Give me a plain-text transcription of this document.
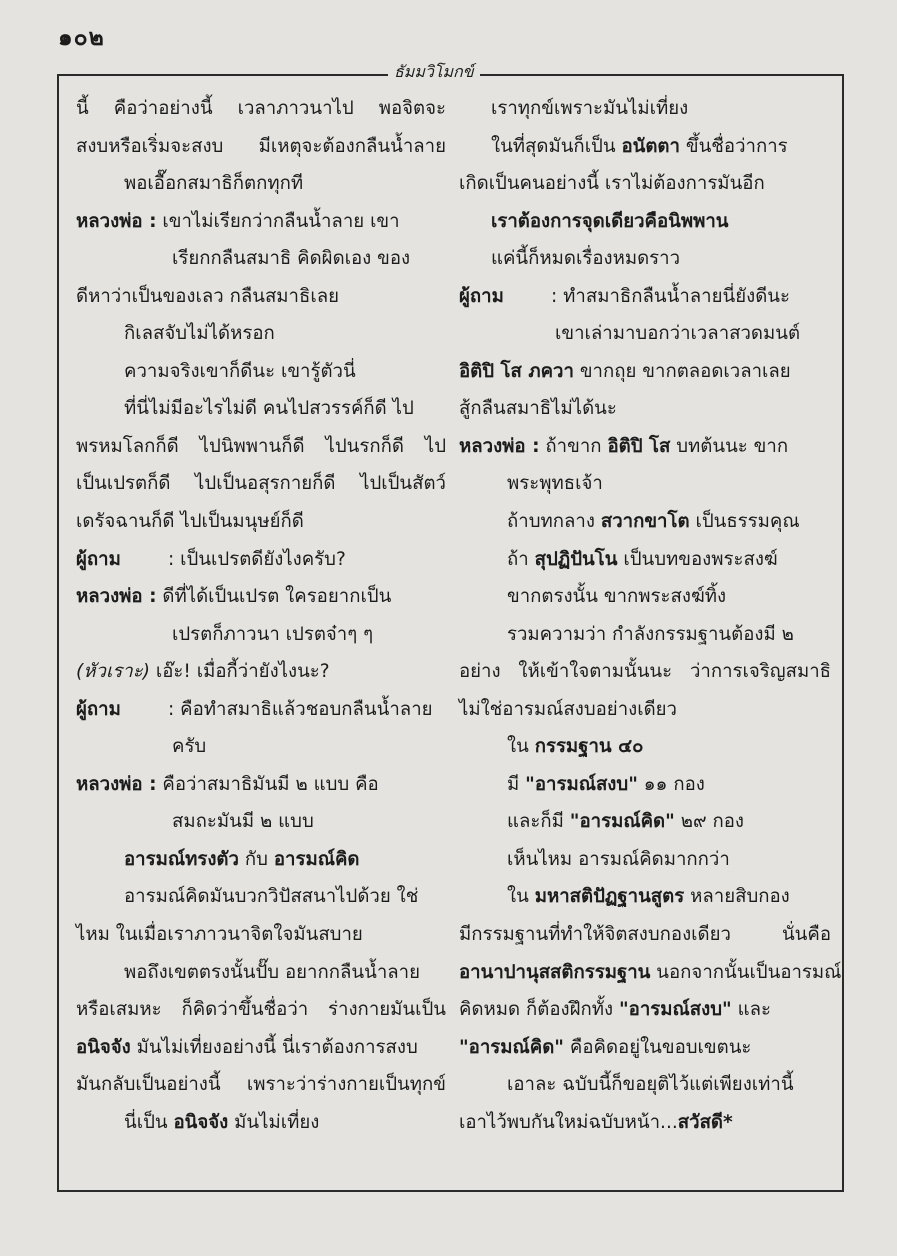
๑๐๒
ธัมมวิโมกข์
นี้ คือว่าอย่างนี้ เวลาภาวนาไป พอจิตจะ
สงบหรือเริ่มจะสงบ มีเหตุจะต้องกลืนน้ำลาย
พอเอื๊อกสมาธิก็ตกทุกที
หลวงพ่อ : เขาไม่เรียกว่ากลืนน้ำลาย เขา
เรียกกลืนสมาธิ คิดผิดเอง ของ
ดีหาว่าเป็นของเลว กลืนสมาธิเลย
กิเลสจับไม่ได้หรอก
ความจริงเขาก็ดีนะ เขารู้ตัวนี่
ที่นี่ไม่มีอะไรไม่ดี คนไปสวรรค์ก็ดี ไป
พรหมโลกก็ดี ไปนิพพานก็ดี ไปนรกก็ดี ไป
เป็นเปรตก็ดี ไปเป็นอสุรกายก็ดี ไปเป็นสัตว์
เดรัจฉานก็ดี ไปเป็นมนุษย์ก็ดี
ผู้ถาม	: เป็นเปรตดียังไงครับ?
หลวงพ่อ : ดีที่ได้เป็นเปรต ใครอยากเป็น
เปรตก็ภาวนา เปรตจ๋าๆ ๆ
(หัวเราะ) เอ๊ะ! เมื่อกี้ว่ายังไงนะ?
ผู้ถาม	: คือทำสมาธิแล้วชอบกลืนน้ำลาย
ครับ
หลวงพ่อ : คือว่าสมาธิมันมี ๒ แบบ คือ
สมถะมันมี ๒ แบบ
อารมณ์ทรงตัว กับ อารมณ์คิด
อารมณ์คิดมันบวกวิปัสสนาไปด้วย ใช่
ไหม ในเมื่อเราภาวนาจิตใจมันสบาย
พอถึงเขตตรงนั้นปั๊บ อยากกลืนน้ำลาย
หรือเสมหะ ก็คิดว่าขึ้นชื่อว่า ร่างกายมันเป็น
อนิจจัง มันไม่เที่ยงอย่างนี้ นี่เราต้องการสงบ
มันกลับเป็นอย่างนี้ เพราะว่าร่างกายเป็นทุกข์
นี่เป็น อนิจจัง มันไม่เที่ยง
เราทุกข์เพราะมันไม่เที่ยง
ในที่สุดมันก็เป็น อนัตตา ขึ้นชื่อว่าการ
เกิดเป็นคนอย่างนี้ เราไม่ต้องการมันอีก
เราต้องการจุดเดียวคือนิพพาน
แค่นี้ก็หมดเรื่องหมดราว
ผู้ถาม	: ทำสมาธิกลืนน้ำลายนี่ยังดีนะ
เขาเล่ามาบอกว่าเวลาสวดมนต์
อิติปิ โส ภควา ขากถุย ขากตลอดเวลาเลย
สู้กลืนสมาธิไม่ได้นะ
หลวงพ่อ : ถ้าขาก อิติปิ โส บทต้นนะ ขาก
พระพุทธเจ้า
ถ้าบทกลาง สวากขาโต เป็นธรรมคุณ
ถ้า สุปฏิปันโน เป็นบทของพระสงฆ์
ขากตรงนั้น ขากพระสงฆ์ทิ้ง
รวมความว่า กำลังกรรมฐานต้องมี ๒
อย่าง ให้เข้าใจตามนั้นนะ ว่าการเจริญสมาธิ
ไม่ใช่อารมณ์สงบอย่างเดียว
ใน กรรมฐาน ๔๐
มี "อารมณ์สงบ" ๑๑ กอง
และก็มี "อารมณ์คิด" ๒๙ กอง
เห็นไหม อารมณ์คิดมากกว่า
ใน มหาสติปัฏฐานสูตร หลายสิบกอง
มีกรรมฐานที่ทำให้จิตสงบกองเดียว นั่นคือ
อานาปานุสสติกรรมฐาน นอกจากนั้นเป็นอารมณ์
คิดหมด ก็ต้องฝึกทั้ง "อารมณ์สงบ" และ
"อารมณ์คิด" คือคิดอยู่ในขอบเขตนะ
เอาละ ฉบับนี้ก็ขอยุติไว้แต่เพียงเท่านี้
เอาไว้พบกันใหม่ฉบับหน้า...สวัสดี*
